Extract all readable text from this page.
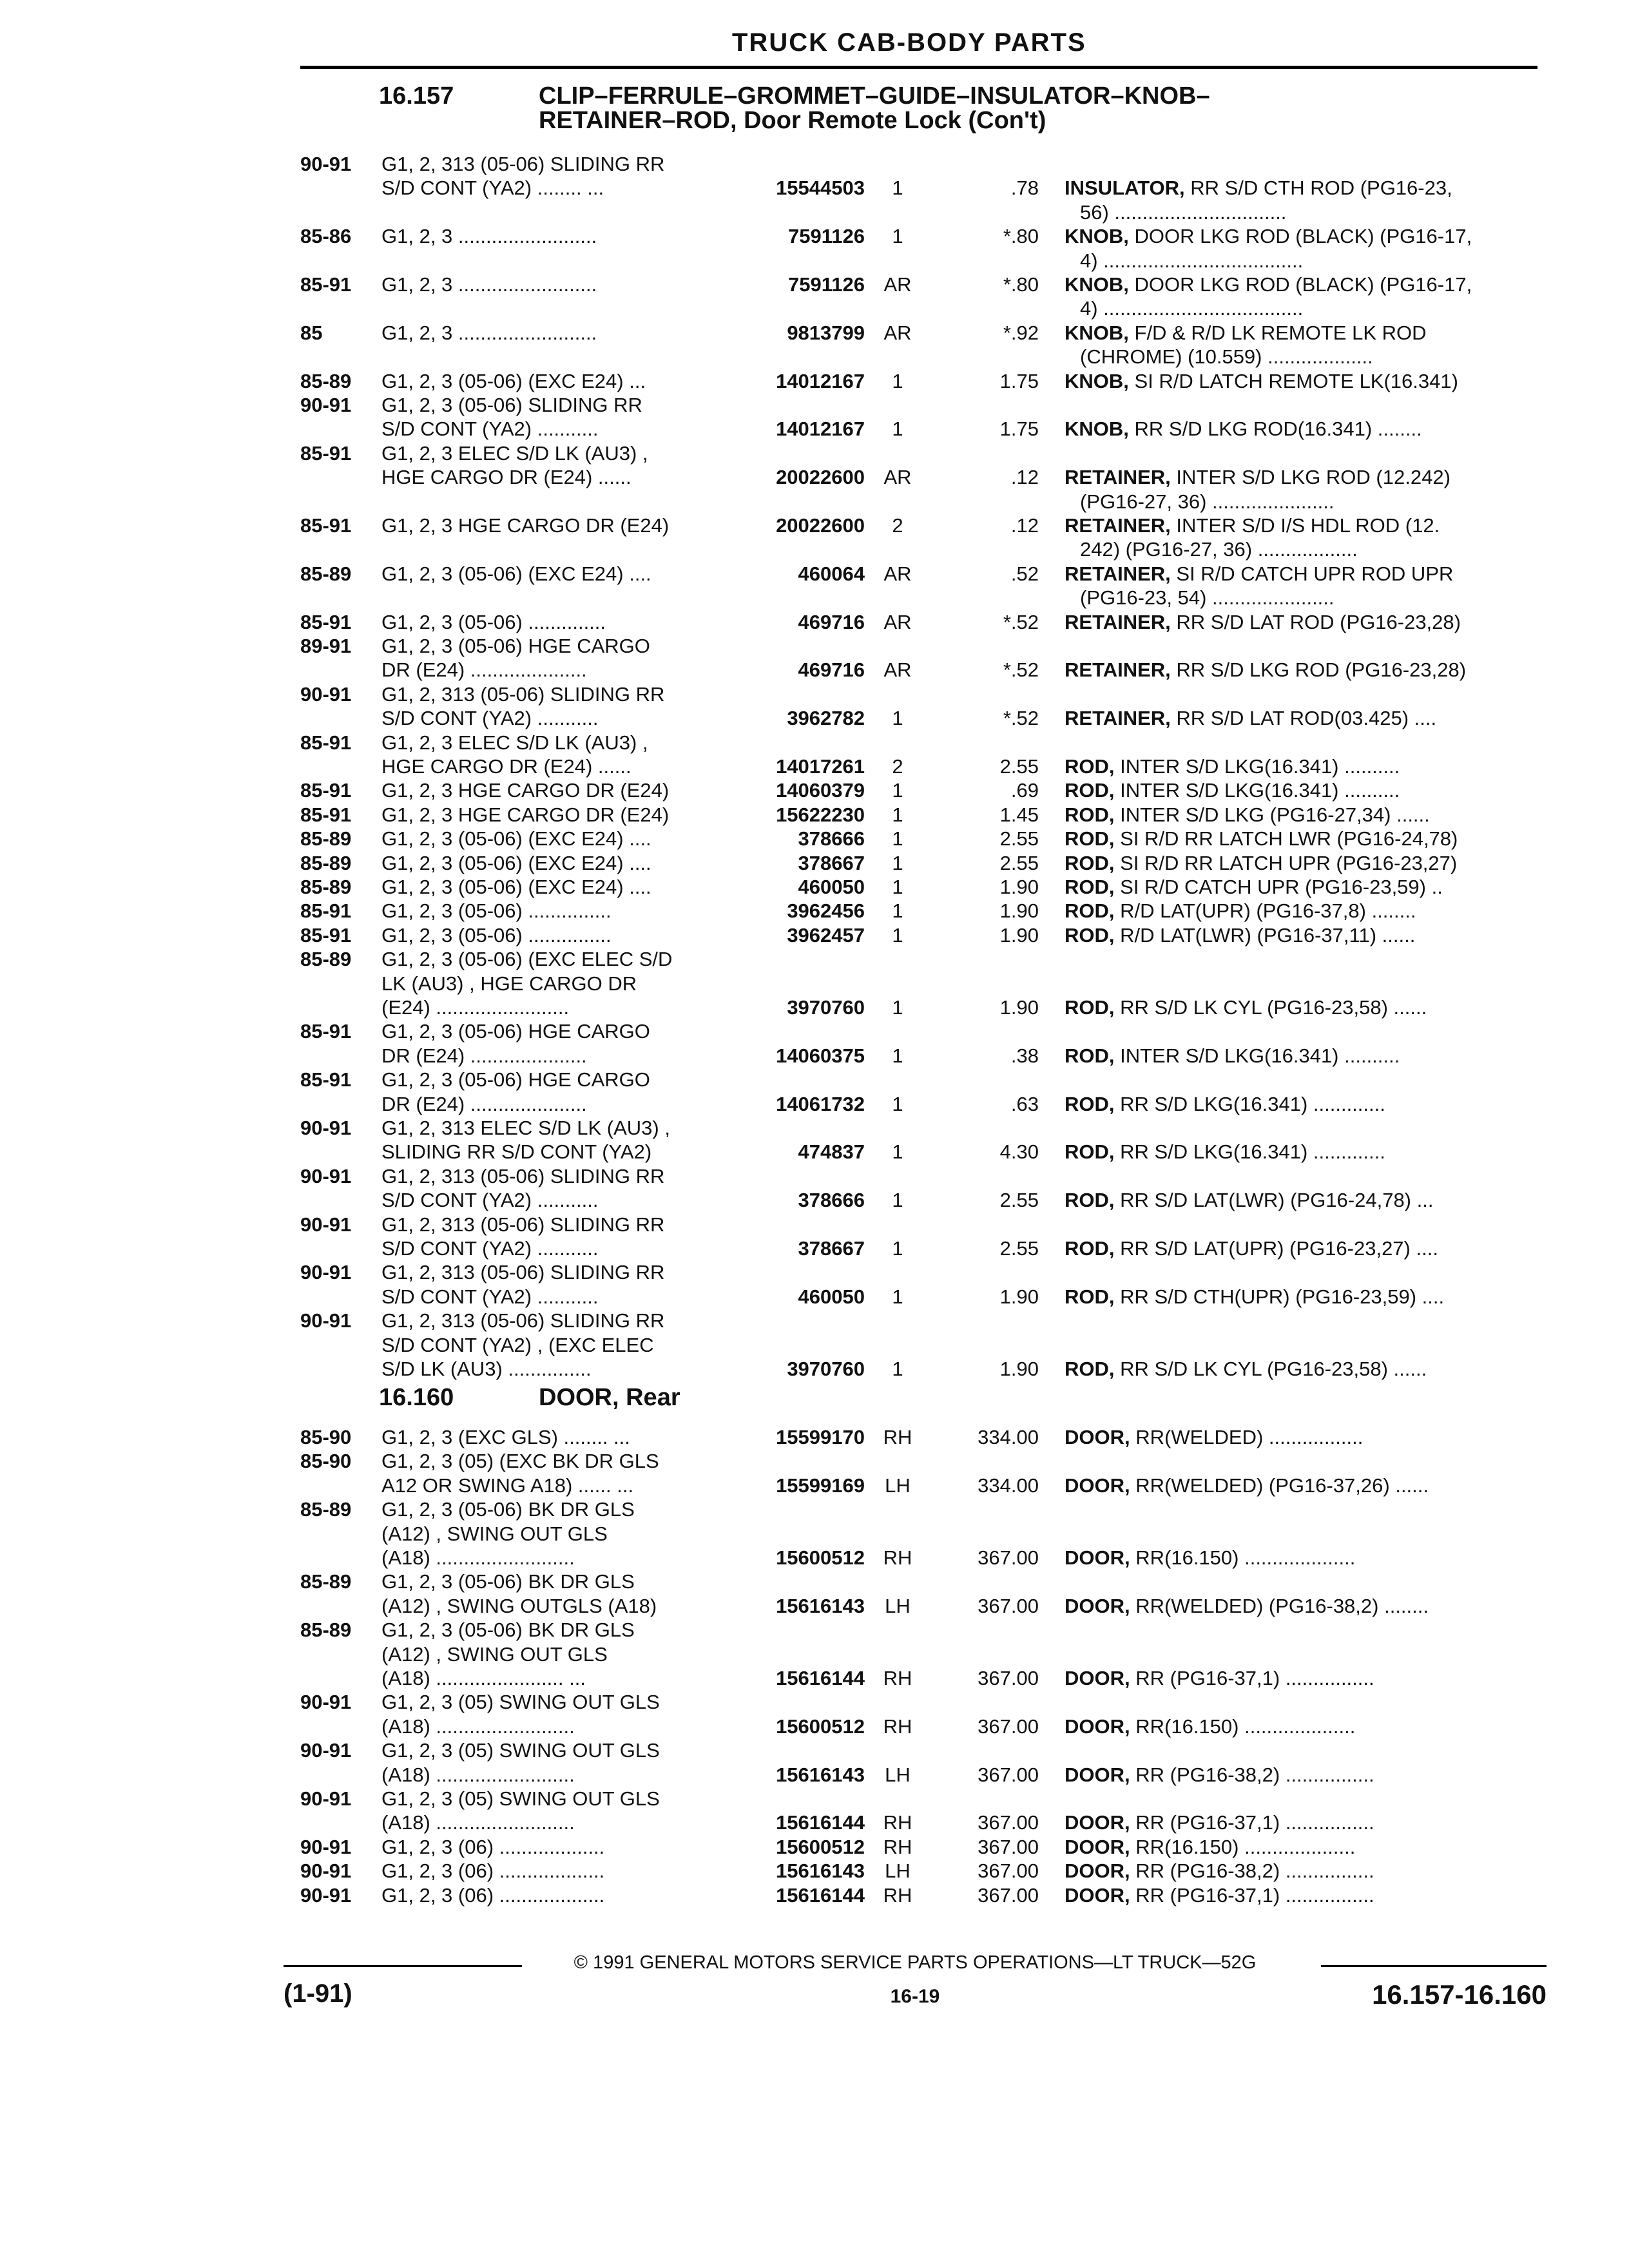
TRUCK CAB-BODY PARTS
16.157	CLIP–FERRULE–GROMMET–GUIDE–INSULATOR–KNOB–
RETAINER–ROD, Door Remote Lock (Con't)
90-91	G1, 2, 313 (05-06) SLIDING RR
S/D CONT (YA2) ........ ...	15544503	1	.78 INSULATOR, RR S/D CTH ROD (PG16-23,
56) ...............................
85-86	G1, 2, 3 .........................	7591126	1	*.80 KNOB, DOOR LKG ROD (BLACK) (PG16-17,
4) ....................................
85-91	G1, 2, 3 .........................	7591126 AR	*.80 KNOB, DOOR LKG ROD (BLACK) (PG16-17,
4) ....................................
85	G1, 2, 3 .........................	9813799 AR	*.92 KNOB, F/D & R/D LK REMOTE LK ROD
(CHROME) (10.559) ...................
85-89	G1, 2, 3 (05-06) (EXC E24) ...	14012167	1	1.75 KNOB, SI R/D LATCH REMOTE LK(16.341)
90-91	G1, 2, 3 (05-06) SLIDING RR
S/D CONT (YA2) ...........	14012167	1	1.75 KNOB, RR S/D LKG ROD(16.341) ........
85-91	G1, 2, 3 ELEC S/D LK (AU3) ,
HGE CARGO DR (E24) ......	20022600 AR	.12 RETAINER, INTER S/D LKG ROD (12.242)
(PG16-27, 36) ......................
85-91	G1, 2, 3 HGE CARGO DR (E24)	20022600	2	.12 RETAINER, INTER S/D I/S HDL ROD (12.
242) (PG16-27, 36) ..................
85-89	G1, 2, 3 (05-06) (EXC E24) ....	460064 AR	.52 RETAINER, SI R/D CATCH UPR ROD UPR
(PG16-23, 54) ......................
85-91	G1, 2, 3 (05-06) ..............	469716 AR	*.52 RETAINER, RR S/D LAT ROD (PG16-23,28)
89-91	G1, 2, 3 (05-06) HGE CARGO
DR (E24) .....................	469716 AR	*.52 RETAINER, RR S/D LKG ROD (PG16-23,28)
90-91	G1, 2, 313 (05-06) SLIDING RR
S/D CONT (YA2) ...........	3962782	1	*.52 RETAINER, RR S/D LAT ROD(03.425) ....
85-91	G1, 2, 3 ELEC S/D LK (AU3) ,
HGE CARGO DR (E24) ......	14017261	2	2.55 ROD, INTER S/D LKG(16.341) ..........
85-91	G1, 2, 3 HGE CARGO DR (E24)	14060379	1	.69 ROD, INTER S/D LKG(16.341) ..........
85-91	G1, 2, 3 HGE CARGO DR (E24)	15622230	1	1.45 ROD, INTER S/D LKG (PG16-27,34) ......
85-89	G1, 2, 3 (05-06) (EXC E24) ....	378666	1	2.55 ROD, SI R/D RR LATCH LWR (PG16-24,78)
85-89	G1, 2, 3 (05-06) (EXC E24) ....	378667	1	2.55 ROD, SI R/D RR LATCH UPR (PG16-23,27)
85-89	G1, 2, 3 (05-06) (EXC E24) ....	460050	1	1.90 ROD, SI R/D CATCH UPR (PG16-23,59) ..
85-91	G1, 2, 3 (05-06) ...............	3962456	1	1.90 ROD, R/D LAT(UPR) (PG16-37,8) ........
85-91	G1, 2, 3 (05-06) ...............	3962457	1	1.90 ROD, R/D LAT(LWR) (PG16-37,11) ......
85-89	G1, 2, 3 (05-06) (EXC ELEC S/D
LK (AU3) , HGE CARGO DR
(E24) ........................	3970760	1	1.90 ROD, RR S/D LK CYL (PG16-23,58) ......
85-91	G1, 2, 3 (05-06) HGE CARGO
DR (E24) .....................	14060375	1	.38 ROD, INTER S/D LKG(16.341) ..........
85-91	G1, 2, 3 (05-06) HGE CARGO
DR (E24) .....................	14061732	1	.63 ROD, RR S/D LKG(16.341) .............
90-91	G1, 2, 313 ELEC S/D LK (AU3) ,
SLIDING RR S/D CONT (YA2)	474837	1	4.30 ROD, RR S/D LKG(16.341) .............
90-91	G1, 2, 313 (05-06) SLIDING RR
S/D CONT (YA2) ...........	378666	1	2.55 ROD, RR S/D LAT(LWR) (PG16-24,78) ...
90-91	G1, 2, 313 (05-06) SLIDING RR
S/D CONT (YA2) ...........	378667	1	2.55 ROD, RR S/D LAT(UPR) (PG16-23,27) ....
90-91	G1, 2, 313 (05-06) SLIDING RR
S/D CONT (YA2) ...........	460050	1	1.90 ROD, RR S/D CTH(UPR) (PG16-23,59) ....
90-91	G1, 2, 313 (05-06) SLIDING RR
S/D CONT (YA2) , (EXC ELEC
S/D LK (AU3) ...............	3970760	1	1.90 ROD, RR S/D LK CYL (PG16-23,58) ......
16.160	DOOR, Rear
85-90	G1, 2, 3 (EXC GLS) ........ ...	15599170 RH	334.00 DOOR, RR(WELDED) .................
85-90	G1, 2, 3 (05) (EXC BK DR GLS
A12 OR SWING A18) ...... ...	15599169	LH	334.00 DOOR, RR(WELDED) (PG16-37,26) ......
85-89	G1, 2, 3 (05-06) BK DR GLS
(A12) , SWING OUT GLS
(A18) .........................	15600512 RH	367.00 DOOR, RR(16.150) ....................
85-89	G1, 2, 3 (05-06) BK DR GLS
(A12) , SWING OUTGLS (A18)	15616143	LH	367.00 DOOR, RR(WELDED) (PG16-38,2) ........
85-89	G1, 2, 3 (05-06) BK DR GLS
(A12) , SWING OUT GLS
(A18) ....................... ...	15616144 RH	367.00 DOOR, RR (PG16-37,1) ................
90-91	G1, 2, 3 (05) SWING OUT GLS
(A18) .........................	15600512 RH	367.00 DOOR, RR(16.150) ....................
90-91	G1, 2, 3 (05) SWING OUT GLS
(A18) .........................	15616143	LH	367.00 DOOR, RR (PG16-38,2) ................
90-91	G1, 2, 3 (05) SWING OUT GLS
(A18) .........................	15616144 RH	367.00 DOOR, RR (PG16-37,1) ................
90-91	G1, 2, 3 (06) ...................	15600512 RH	367.00 DOOR, RR(16.150) ....................
90-91	G1, 2, 3 (06) ...................	15616143	LH	367.00 DOOR, RR (PG16-38,2) ................
90-91	G1, 2, 3 (06) ...................	15616144 RH	367.00 DOOR, RR (PG16-37,1) ................
© 1991 GENERAL MOTORS SERVICE PARTS OPERATIONS—LT TRUCK—52G
(1-91)	16-19	16.157-16.160
